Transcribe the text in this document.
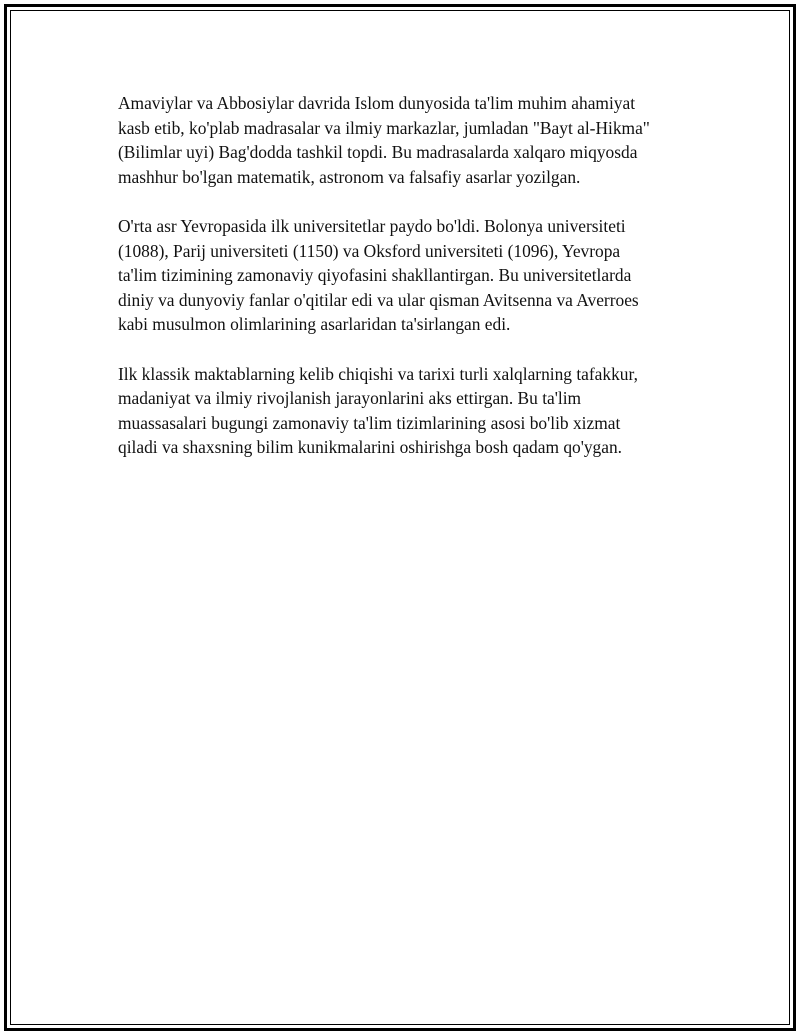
Amaviylar va Abbosiylar davrida Islom dunyosida ta'lim muhim ahamiyat
kasb etib, ko'plab madrasalar va ilmiy markazlar, jumladan "Bayt al-Hikma"
(Bilimlar uyi) Bag'dodda tashkil topdi. Bu madrasalarda xalqaro miqyosda
mashhur bo'lgan matematik, astronom va falsafiy asarlar yozilgan.

O'rta asr Yevropasida ilk universitetlar paydo bo'ldi. Bolonya universiteti
(1088), Parij universiteti (1150) va Oksford universiteti (1096), Yevropa
ta'lim tizimining zamonaviy qiyofasini shakllantirgan. Bu universitetlarda
diniy va dunyoviy fanlar o'qitilar edi va ular qisman Avitsenna va Averroes
kabi musulmon olimlarining asarlaridan ta'sirlangan edi.

Ilk klassik maktablarning kelib chiqishi va tarixi turli xalqlarning tafakkur,
madaniyat va ilmiy rivojlanish jarayonlarini aks ettirgan. Bu ta'lim
muassasalari bugungi zamonaviy ta'lim tizimlarining asosi bo'lib xizmat
qiladi va shaxsning bilim kunikmalarini oshirishga bosh qadam qo'ygan.
